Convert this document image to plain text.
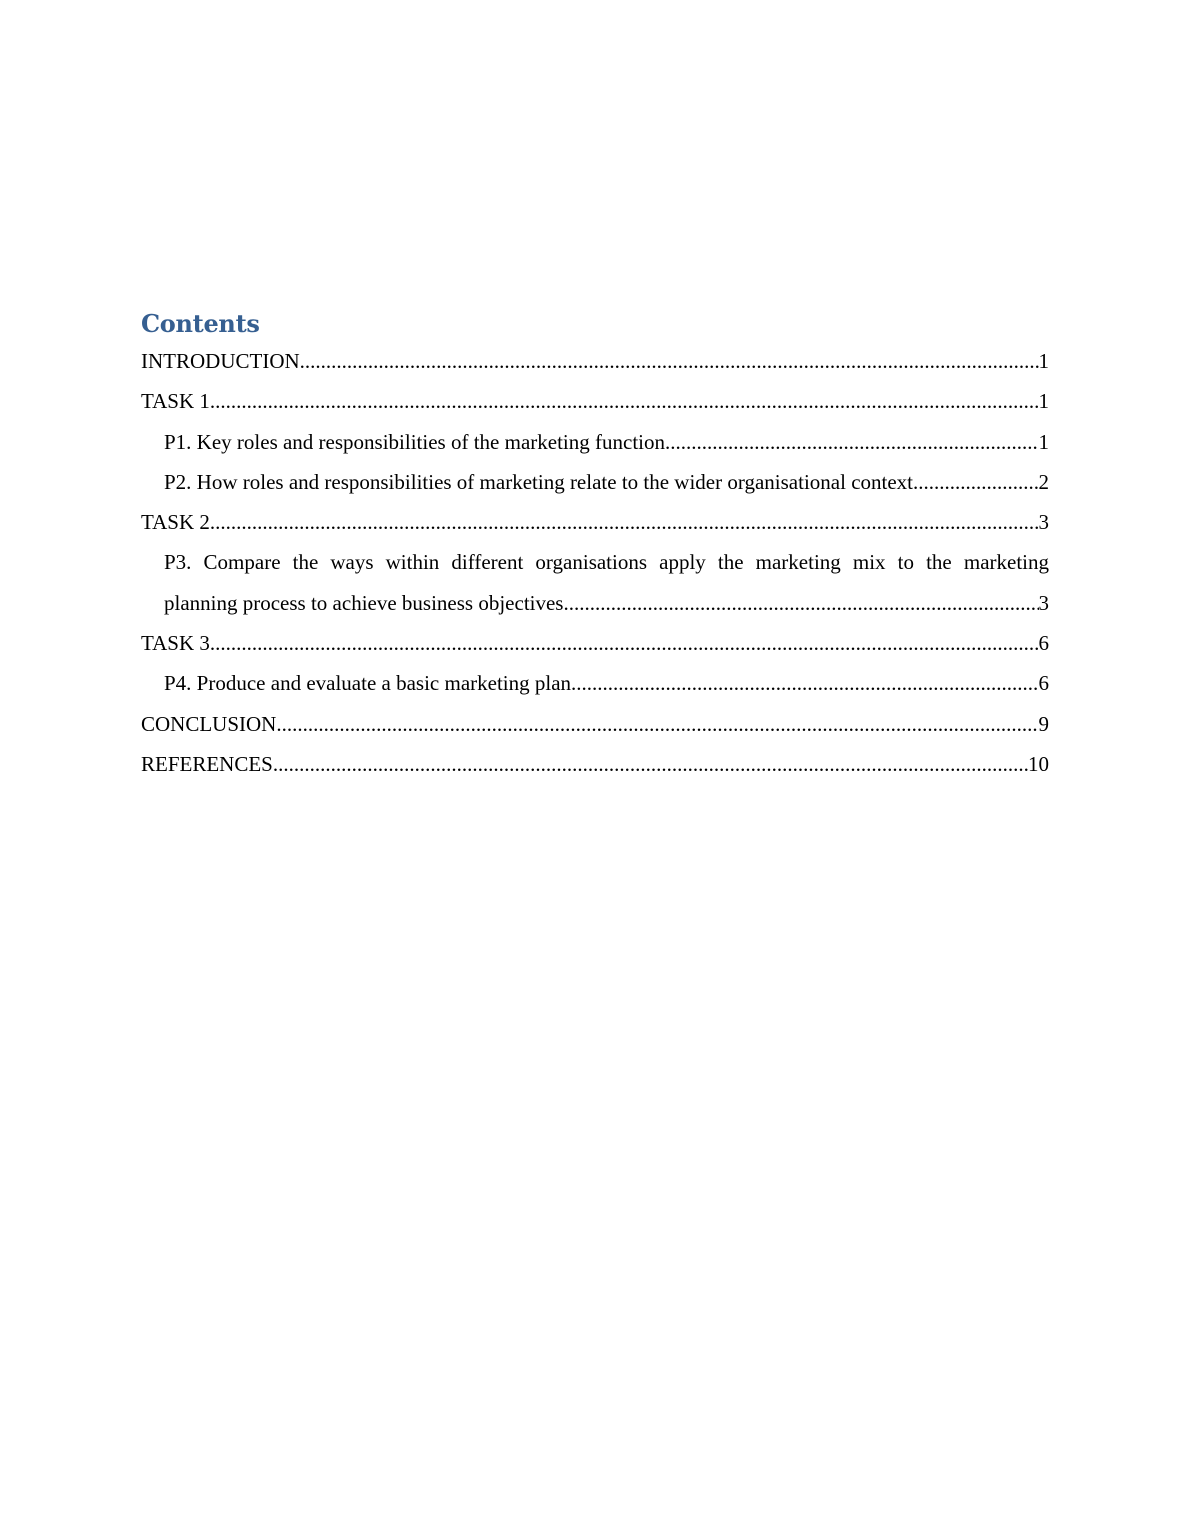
Contents
INTRODUCTION .....	1
TASK 1 .....	1
P1. Key roles and responsibilities of the marketing function .....	1
P2. How roles and responsibilities of marketing relate to the wider organisational context .....	2
TASK 2 .....	3
P3. Compare the ways within different organisations apply the marketing mix to the marketing
planning process to achieve business objectives .....	3
TASK 3 .....	6
P4. Produce and evaluate a basic marketing plan .....	6
CONCLUSION .....	9
REFERENCES .....	10
